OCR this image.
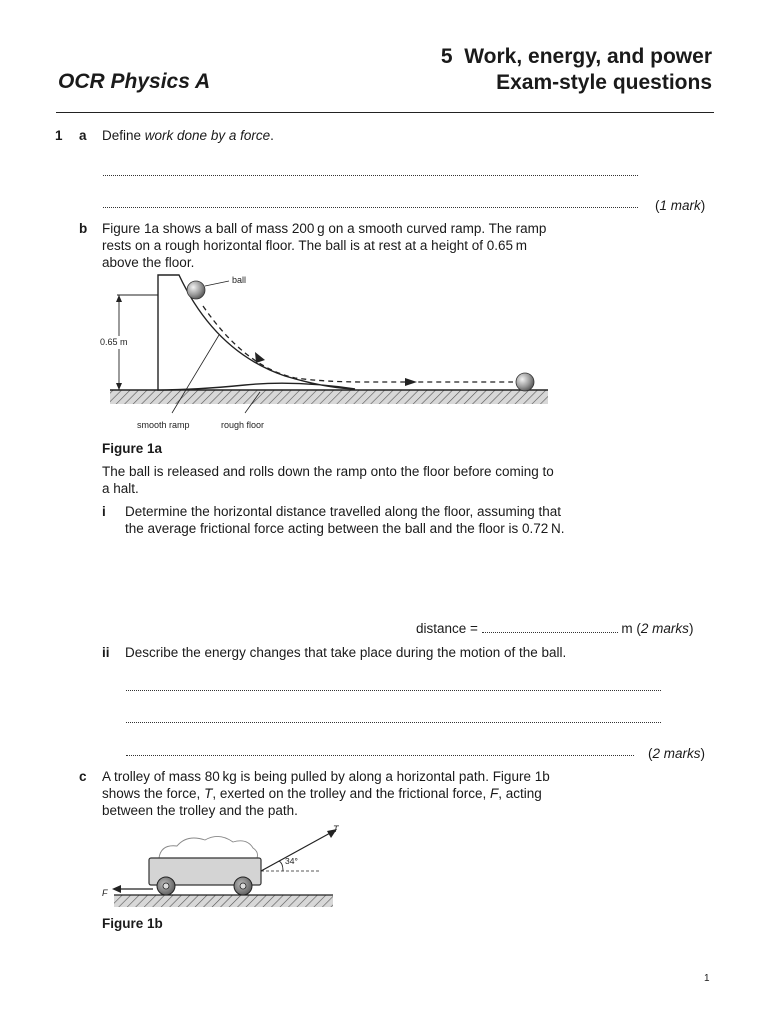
5 Work, energy, and power
Exam-style questions
OCR Physics A
1 a Define work done by a force.
(1 mark)
b Figure 1a shows a ball of mass 200 g on a smooth curved ramp. The ramp
rests on a rough horizontal floor. The ball is at rest at a height of 0.65 m
above the floor.
ball
0.65 m
smooth ramp	rough floor
Figure 1a
The ball is released and rolls down the ramp onto the floor before coming to
a halt.
i Determine the horizontal distance travelled along the floor, assuming that
the average frictional force acting between the ball and the floor is 0.72 N.
distance =	m (2 marks)
ii Describe the energy changes that take place during the motion of the ball.
(2 marks)
c A trolley of mass 80 kg is being pulled by along a horizontal path. Figure 1b
shows the force, T, exerted on the trolley and the frictional force, F, acting
between the trolley and the path.
T
34°
F
Figure 1b
1
